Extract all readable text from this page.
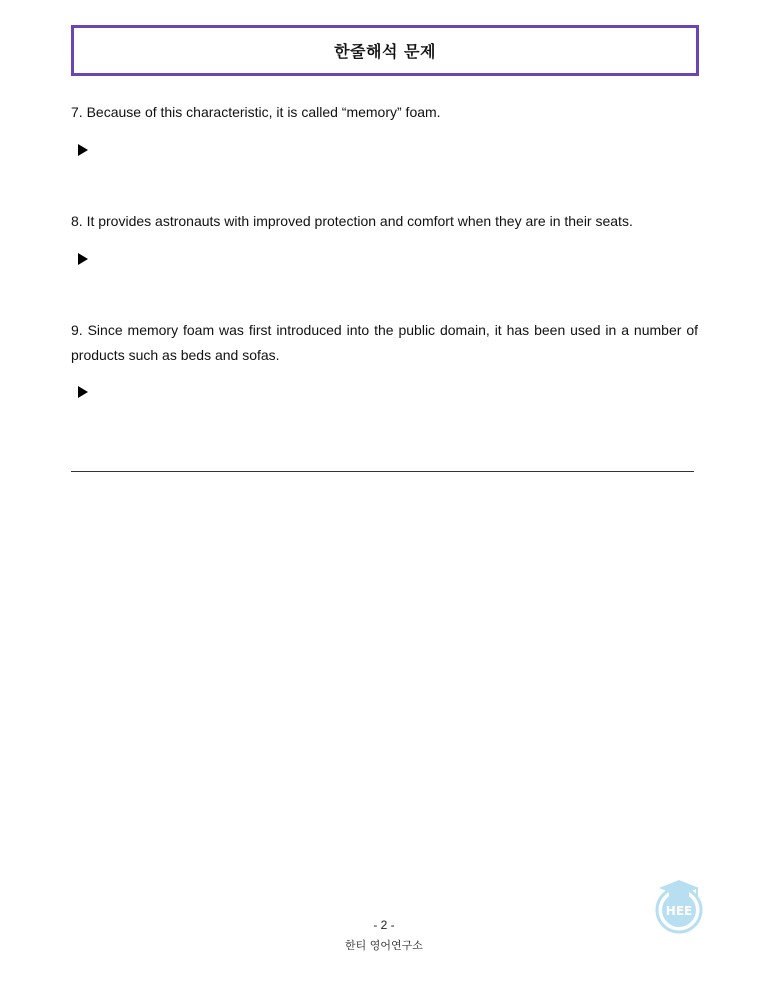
한줄해석 문제
7. Because of this characteristic, it is called “memory” foam.
8. It provides astronauts with improved protection and comfort when they are in their seats.
9. Since memory foam was first introduced into the public domain, it has been used in a number of products such as beds and sofas.
HEE
- 2 -
한티 영어연구소
